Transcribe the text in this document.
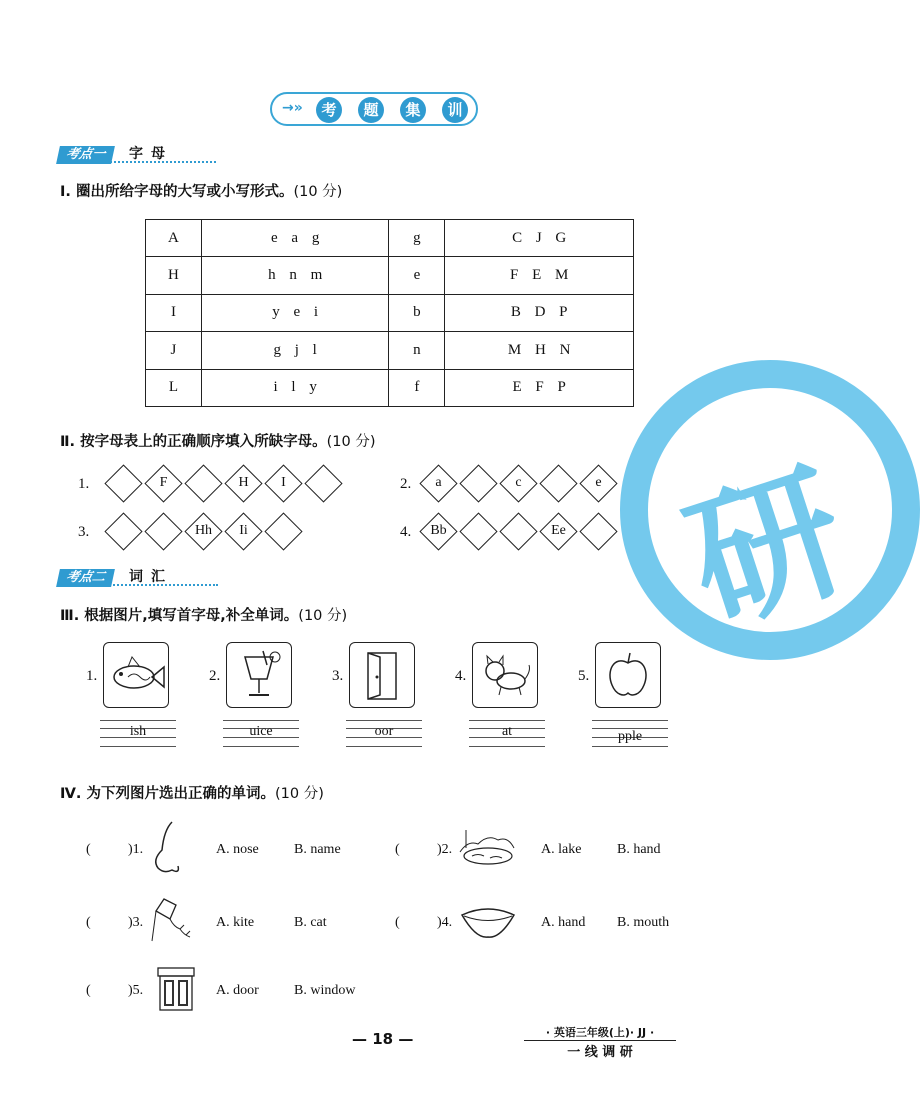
研
→»	考	题	集	训
考点一 字母
Ⅰ. 圈出所给字母的大写或小写形式。(10 分)
A	e a g	g	C J G
H	h n m	e	F E M
I	y e i	b	B D P
J	g j l	n	M H N
L	i l y	f	E F P
Ⅱ. 按字母表上的正确顺序填入所缺字母。(10 分)
1.	F	H	I	2.	a	c	e
3.	Hh	Ii	4.	Bb	Ee
考点二 词汇
Ⅲ. 根据图片,填写首字母,补全单词。(10 分)
1.
ish
2.
uice
3.
oor
4.
at
5.
pple
Ⅳ. 为下列图片选出正确的单词。(10 分)
(	)1.	A. nose	B. name	(	)2.	A. lake	B. hand
(	)3.	A. kite	B. cat	(	)4.	A. hand B. mouth
(	)5.	A. door	B. window
— 18 —	· 英语三年级(上)· JJ ·
一 线 调 研
